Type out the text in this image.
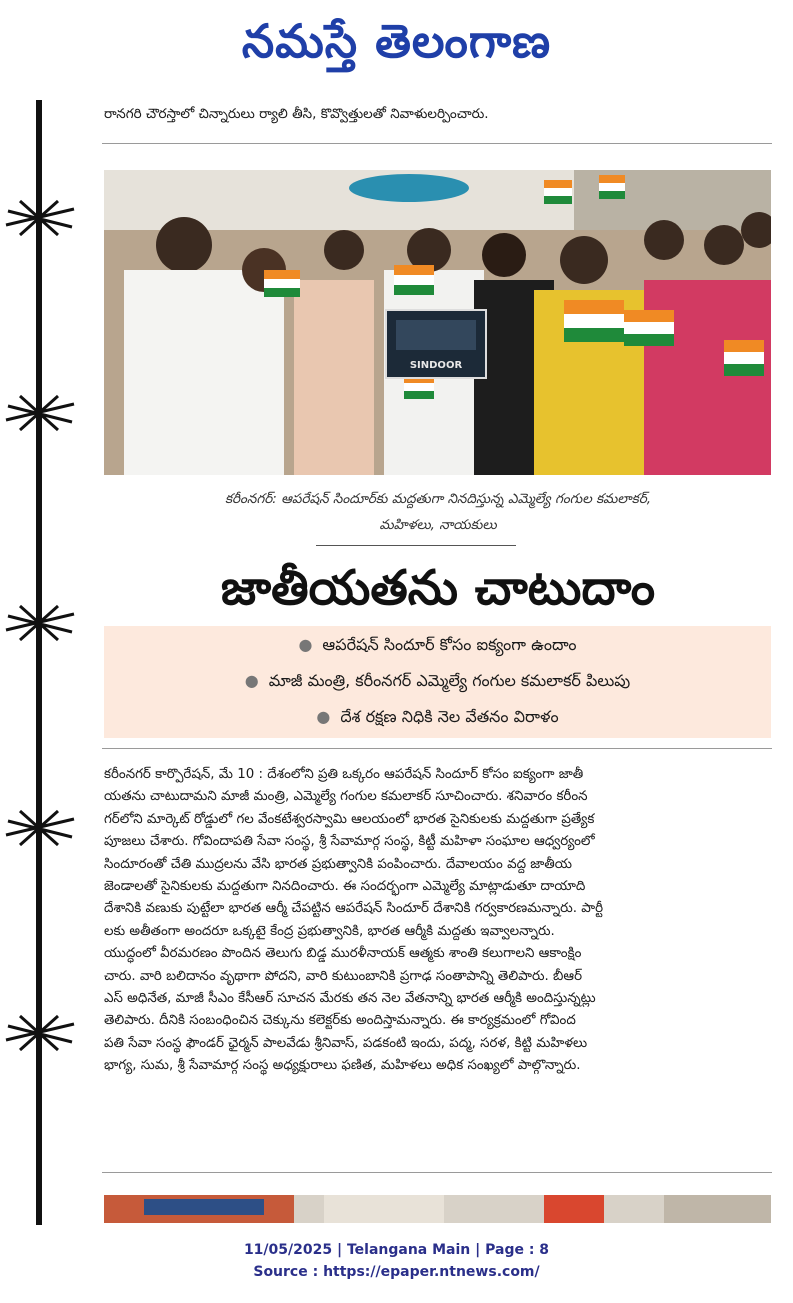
నమస్తే తెలంగాణ
రానగరి చౌరస్తాలో చిన్నారులు ర్యాలి తీసి, కొవ్వొత్తులతో నివాళులర్పించారు.
SINDOOR
కరీంనగర్: ఆపరేషన్ సిందూర్‌కు మద్దతుగా నినదిస్తున్న ఎమ్మెల్యే గంగుల కమలాకర్,
మహిళలు, నాయకులు
జాతీయతను చాటుదాం
● ఆపరేషన్ సిందూర్ కోసం ఐక్యంగా ఉందాం
● మాజీ మంత్రి, కరీంనగర్ ఎమ్మెల్యే గంగుల కమలాకర్ పిలుపు
● దేశ రక్షణ నిధికి నెల వేతనం విరాళం
కరీంనగర్ కార్పొరేషన్, మే 10 : దేశంలోని ప్రతి ఒక్కరం ఆపరేషన్ సిందూర్ కోసం ఐక్యంగా జాతీ
యతను చాటుదామని మాజీ మంత్రి, ఎమ్మెల్యే గంగుల కమలాకర్ సూచించారు. శనివారం కరీంన
గర్‌లోని మార్కెట్ రోడ్డులో గల వేంకటేశ్వరస్వామి ఆలయంలో భారత సైనికులకు మద్దతుగా ప్రత్యేక
పూజలు చేశారు. గోవిందాపతి సేవా సంస్థ, శ్రీ సేవామార్గ సంస్థ, కిట్టీ మహిళా సంఘాల ఆధ్వర్యంలో
సిందూరంతో చేతి ముద్రలను వేసి భారత ప్రభుత్వానికి పంపించారు. దేవాలయం వద్ద జాతీయ
జెండాలతో సైనికులకు మద్దతుగా నినదించారు. ఈ సందర్భంగా ఎమ్మెల్యే మాట్లాడుతూ దాయాది
దేశానికి వణుకు పుట్టేలా భారత ఆర్మీ చేపట్టిన ఆపరేషన్ సిందూర్ దేశానికి గర్వకారణమన్నారు. పార్టీ
లకు అతీతంగా అందరూ ఒక్కటై కేంద్ర ప్రభుత్వానికి, భారత ఆర్మీకి మద్దతు ఇవ్వాలన్నారు.
యుద్ధంలో వీరమరణం పొందిన తెలుగు బిడ్డ మురళీనాయక్ ఆత్మకు శాంతి కలుగాలని ఆకాంక్షిం
చారు. వారి బలిదానం వృథాగా పోదని, వారి కుటుంబానికి ప్రగాఢ సంతాపాన్ని తెలిపారు. బీఆర్
ఎస్ అధినేత, మాజీ సీఎం కేసీఆర్ సూచన మేరకు తన నెల వేతనాన్ని భారత ఆర్మీకి అందిస్తున్నట్లు
తెలిపారు. దీనికి సంబంధించిన చెక్కును కలెక్టర్‌కు అందిస్తామన్నారు. ఈ కార్యక్రమంలో గోవింద
పతి సేవా సంస్థ ఫౌండర్ ఛైర్మన్ పాలవేడు శ్రీనివాస్, పడకంటి ఇందు, పద్మ, సరళ, కిట్టి మహిళలు
భాగ్య, సుమ, శ్రీ సేవామార్గ సంస్థ అధ్యక్షురాలు ఫణిత, మహిళలు అధిక సంఖ్యలో పాల్గొన్నారు.
11/05/2025 | Telangana Main | Page : 8
Source : https://epaper.ntnews.com/
